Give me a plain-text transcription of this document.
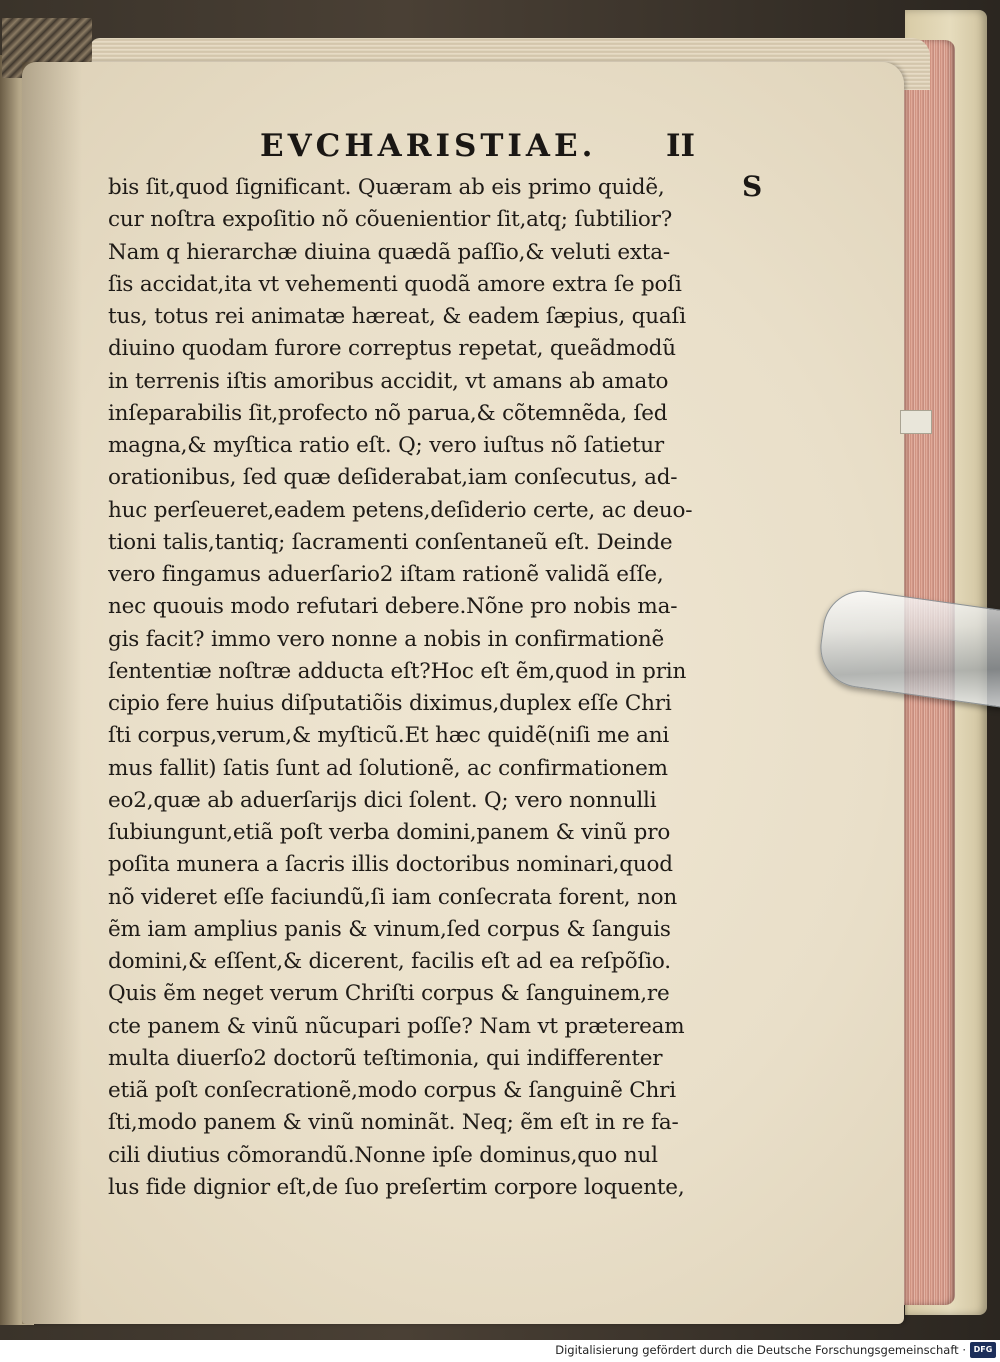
EVCHARISTIAE. II
S
bis ſit,quod ſignificant. Quæram ab eis primo quidẽ,
cur noſtra expoſitio nõ cõuenientior ſit,atq; ſubtilior?
Nam q hierarchæ diuina quædã paſſio,& veluti exta-
ſis accidat,ita vt vehementi quodã amore extra ſe poſi
tus, totus rei animatæ hæreat, & eadem ſæpius, quaſi
diuino quodam furore correptus repetat, queãdmodũ
in terrenis iſtis amoribus accidit, vt amans ab amato
inſeparabilis ſit,profecto nõ parua,& cõtemnẽda, ſed
magna,& myſtica ratio eſt. Q; vero iuſtus nõ ſatietur
orationibus, ſed quæ deſiderabat,iam conſecutus, ad-
huc perſeueret,eadem petens,deſiderio certe, ac deuo-
tioni talis,tantiq; ſacramenti conſentaneũ eſt. Deinde
vero fingamus aduerſario2 iſtam rationẽ validã eſſe,
nec quouis modo refutari debere.Nõne pro nobis ma-
gis facit? immo vero nonne a nobis in confirmationẽ
ſententiæ noſtræ adducta eſt?Hoc eſt ẽm,quod in prin
cipio fere huius diſputatiõis diximus,duplex eſſe Chri
ſti corpus,verum,& myſticũ.Et hæc quidẽ(niſi me ani
mus fallit) ſatis ſunt ad ſolutionẽ, ac confirmationem
eo2,quæ ab aduerſarijs dici ſolent. Q; vero nonnulli
ſubiungunt,etiã poſt verba domini,panem & vinũ pro
poſita munera a ſacris illis doctoribus nominari,quod
nõ videret eſſe faciundũ,ſi iam conſecrata forent, non
ẽm iam amplius panis & vinum,ſed corpus & ſanguis
domini,& eſſent,& dicerent, facilis eſt ad ea reſpõſio.
Quis ẽm neget verum Chriſti corpus & ſanguinem,re
cte panem & vinũ nũcupari poſſe? Nam vt præteream
multa diuerſo2 doctorũ teſtimonia, qui indifferenter
etiã poſt conſecrationẽ,modo corpus & ſanguinẽ Chri
ſti,modo panem & vinũ nominãt. Neq; ẽm eſt in re fa-
cili diutius cõmorandũ.Nonne ipſe dominus,quo nul
lus fide dignior eſt,de ſuo preſertim corpore loquente,
Digitalisierung gefördert durch die Deutsche Forschungsgemeinschaft · DFG
